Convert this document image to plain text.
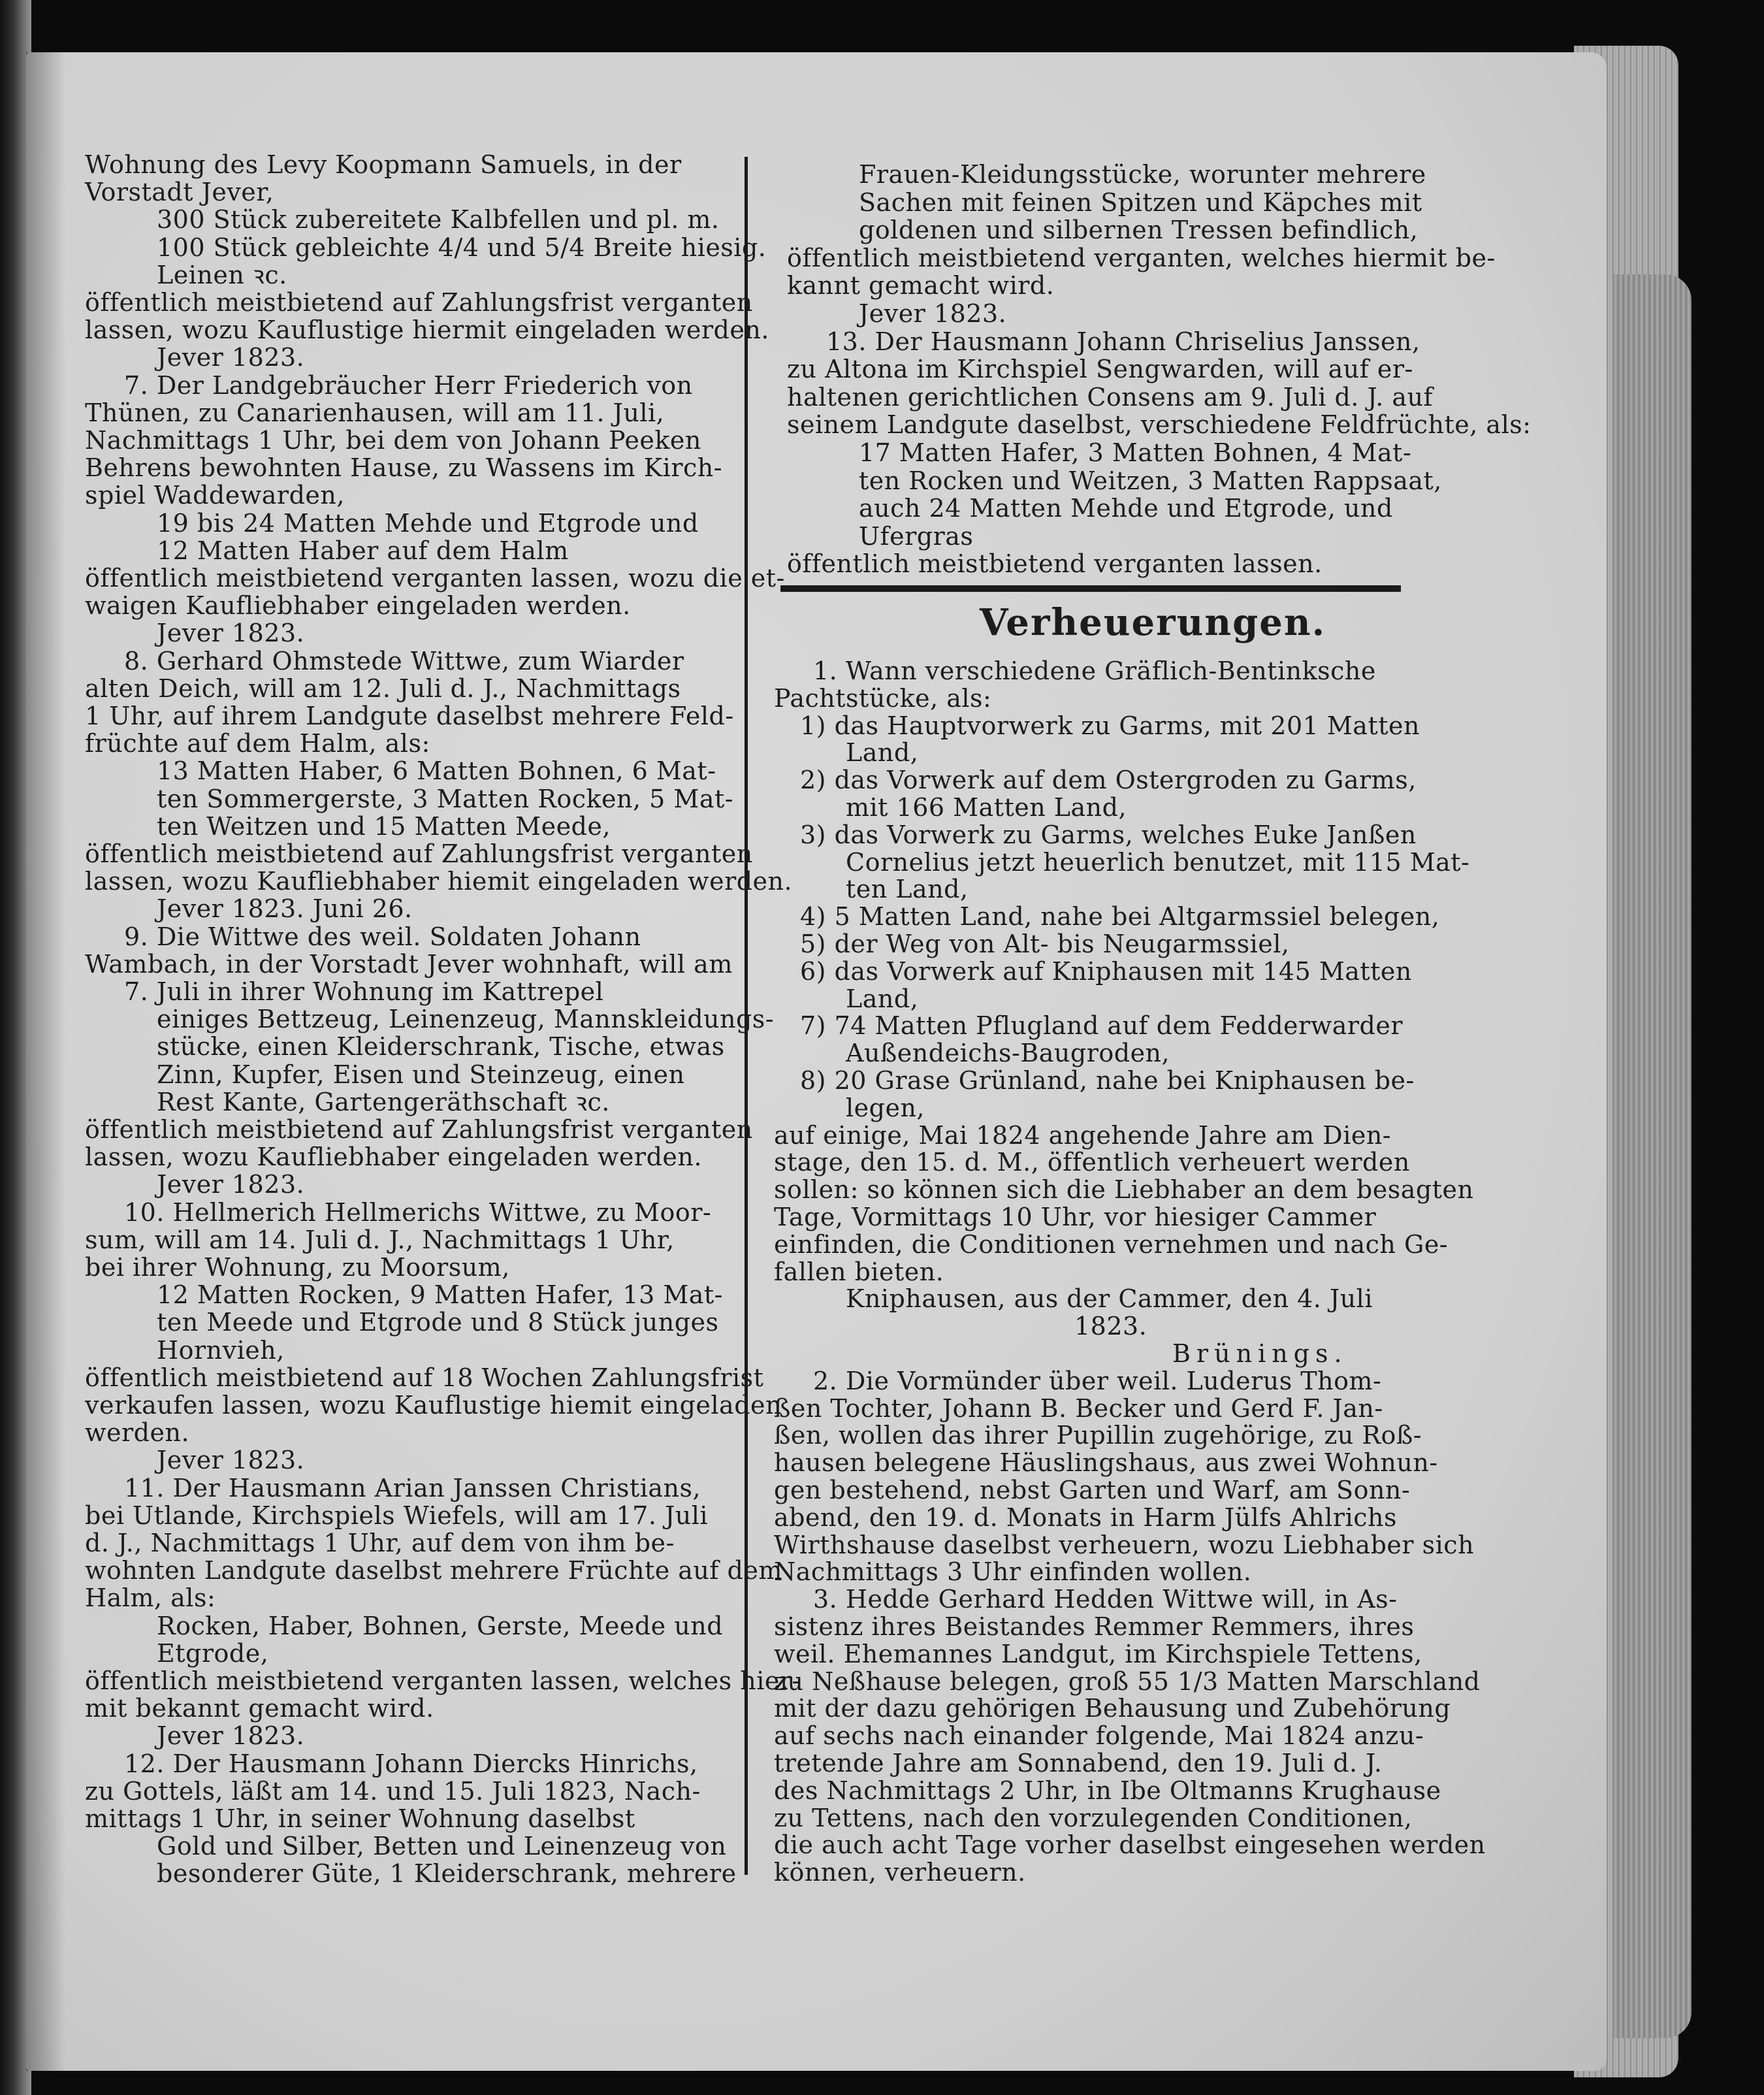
Wohnung des Levy Koopmann Samuels, in der
Vorstadt Jever,
300 Stück zubereitete Kalbfellen und pl. m.
100 Stück gebleichte 4/4 und 5/4 Breite hiesig.
Leinen ꝛc.
öffentlich meistbietend auf Zahlungsfrist verganten
lassen, wozu Kauflustige hiermit eingeladen werden.
Jever 1823.
7. Der Landgebräucher Herr Friederich von
Thünen, zu Canarienhausen, will am 11. Juli,
Nachmittags 1 Uhr, bei dem von Johann Peeken
Behrens bewohnten Hause, zu Wassens im Kirch-
spiel Waddewarden,
19 bis 24 Matten Mehde und Etgrode und
12 Matten Haber auf dem Halm
öffentlich meistbietend verganten lassen, wozu die et-
waigen Kaufliebhaber eingeladen werden.
Jever 1823.
8. Gerhard Ohmstede Wittwe, zum Wiarder
alten Deich, will am 12. Juli d. J., Nachmittags
1 Uhr, auf ihrem Landgute daselbst mehrere Feld-
früchte auf dem Halm, als:
13 Matten Haber, 6 Matten Bohnen, 6 Mat-
ten Sommergerste, 3 Matten Rocken, 5 Mat-
ten Weitzen und 15 Matten Meede,
öffentlich meistbietend auf Zahlungsfrist verganten
lassen, wozu Kaufliebhaber hiemit eingeladen werden.
Jever 1823. Juni 26.
9. Die Wittwe des weil. Soldaten Johann
Wambach, in der Vorstadt Jever wohnhaft, will am
7. Juli in ihrer Wohnung im Kattrepel
einiges Bettzeug, Leinenzeug, Mannskleidungs-
stücke, einen Kleiderschrank, Tische, etwas
Zinn, Kupfer, Eisen und Steinzeug, einen
Rest Kante, Gartengeräthschaft ꝛc.
öffentlich meistbietend auf Zahlungsfrist verganten
lassen, wozu Kaufliebhaber eingeladen werden.
Jever 1823.
10. Hellmerich Hellmerichs Wittwe, zu Moor-
sum, will am 14. Juli d. J., Nachmittags 1 Uhr,
bei ihrer Wohnung, zu Moorsum,
12 Matten Rocken, 9 Matten Hafer, 13 Mat-
ten Meede und Etgrode und 8 Stück junges
Hornvieh,
öffentlich meistbietend auf 18 Wochen Zahlungsfrist
verkaufen lassen, wozu Kauflustige hiemit eingeladen
werden.
Jever 1823.
11. Der Hausmann Arian Janssen Christians,
bei Utlande, Kirchspiels Wiefels, will am 17. Juli
d. J., Nachmittags 1 Uhr, auf dem von ihm be-
wohnten Landgute daselbst mehrere Früchte auf dem
Halm, als:
Rocken, Haber, Bohnen, Gerste, Meede und
Etgrode,
öffentlich meistbietend verganten lassen, welches hier-
mit bekannt gemacht wird.
Jever 1823.
12. Der Hausmann Johann Diercks Hinrichs,
zu Gottels, läßt am 14. und 15. Juli 1823, Nach-
mittags 1 Uhr, in seiner Wohnung daselbst
Gold und Silber, Betten und Leinenzeug von
besonderer Güte, 1 Kleiderschrank, mehrere
Frauen-Kleidungsstücke, worunter mehrere
Sachen mit feinen Spitzen und Käpches mit
goldenen und silbernen Tressen befindlich,
öffentlich meistbietend verganten, welches hiermit be-
kannt gemacht wird.
Jever 1823.
13. Der Hausmann Johann Chriselius Janssen,
zu Altona im Kirchspiel Sengwarden, will auf er-
haltenen gerichtlichen Consens am 9. Juli d. J. auf
seinem Landgute daselbst, verschiedene Feldfrüchte, als:
17 Matten Hafer, 3 Matten Bohnen, 4 Mat-
ten Rocken und Weitzen, 3 Matten Rappsaat,
auch 24 Matten Mehde und Etgrode, und
Ufergras
öffentlich meistbietend verganten lassen.
Verheuerungen.
1. Wann verschiedene Gräflich-Bentinksche
Pachtstücke, als:
1) das Hauptvorwerk zu Garms, mit 201 Matten
Land,
2) das Vorwerk auf dem Ostergroden zu Garms,
mit 166 Matten Land,
3) das Vorwerk zu Garms, welches Euke Janßen
Cornelius jetzt heuerlich benutzet, mit 115 Mat-
ten Land,
4) 5 Matten Land, nahe bei Altgarmssiel belegen,
5) der Weg von Alt- bis Neugarmssiel,
6) das Vorwerk auf Kniphausen mit 145 Matten
Land,
7) 74 Matten Pflugland auf dem Fedderwarder
Außendeichs-Baugroden,
8) 20 Grase Grünland, nahe bei Kniphausen be-
legen,
auf einige, Mai 1824 angehende Jahre am Dien-
stage, den 15. d. M., öffentlich verheuert werden
sollen: so können sich die Liebhaber an dem besagten
Tage, Vormittags 10 Uhr, vor hiesiger Cammer
einfinden, die Conditionen vernehmen und nach Ge-
fallen bieten.
Kniphausen, aus der Cammer, den 4. Juli
1823.
Brünings.
2. Die Vormünder über weil. Luderus Thom-
ßen Tochter, Johann B. Becker und Gerd F. Jan-
ßen, wollen das ihrer Pupillin zugehörige, zu Roß-
hausen belegene Häuslingshaus, aus zwei Wohnun-
gen bestehend, nebst Garten und Warf, am Sonn-
abend, den 19. d. Monats in Harm Jülfs Ahlrichs
Wirthshause daselbst verheuern, wozu Liebhaber sich
Nachmittags 3 Uhr einfinden wollen.
3. Hedde Gerhard Hedden Wittwe will, in As-
sistenz ihres Beistandes Remmer Remmers, ihres
weil. Ehemannes Landgut, im Kirchspiele Tettens,
zu Neßhause belegen, groß 55 1/3 Matten Marschland
mit der dazu gehörigen Behausung und Zubehörung
auf sechs nach einander folgende, Mai 1824 anzu-
tretende Jahre am Sonnabend, den 19. Juli d. J.
des Nachmittags 2 Uhr, in Ibe Oltmanns Krughause
zu Tettens, nach den vorzulegenden Conditionen,
die auch acht Tage vorher daselbst eingesehen werden
können, verheuern.
